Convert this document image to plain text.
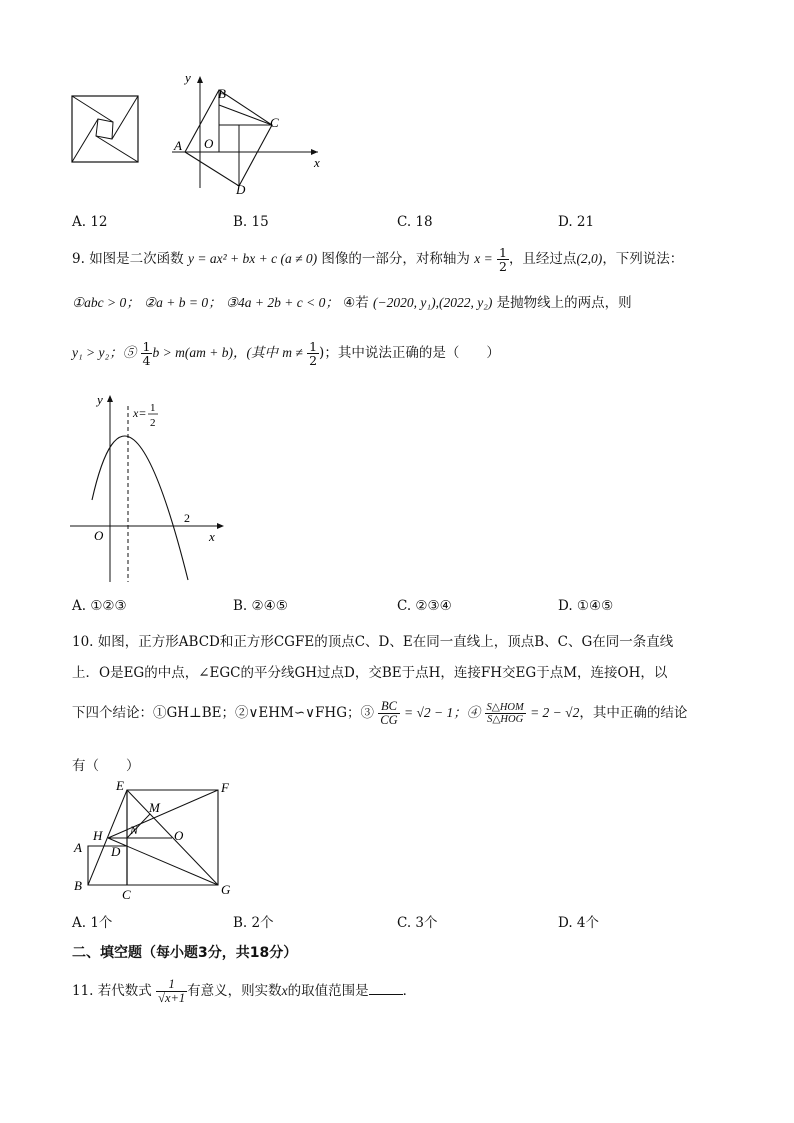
y
x
A
B
C
D
O
A. 12	B. 15	C. 18	D. 21
9. 如图是二次函数 y = ax² + bx + c (a ≠ 0) 图像的一部分，对称轴为 $x = \frac{1}{2}$ ，且经过点(2,0)，下列说法：
①abc > 0； ②a + b = 0； ③4a + 2b + c < 0； ④若 (−2020, y₁),(2022, y₂) 是抛物线上的两点，则
y₁ > y₂；⑤ $\frac{1}{4}$ b > m(am + b)，(其中 $m \ne \frac{1}{2}$ )；其中说法正确的是（　　）
y
x
O
2
x= 1
2
A. ①②③	B. ②④⑤	C. ②③④	D. ①④⑤
10. 如图，正方形ABCD和正方形CGFE的顶点C、D、E在同一直线上，顶点B、C、G在同一条直线
上．O是EG的中点，∠EGC的平分线GH过点D，交BE于点H，连接FH交EG于点M，连接OH，以
下四个结论：①GH⊥BE；②∨EHM∽∨FHG；③ $\frac{BC}{CG} = √2 - 1$；④ $\frac{\text{S△HOM}}{\text{S△HOG}} = 2 - √2$，其中正确的结论
有（　　）
E	F
M
H N	O
A D
B
C	G
A. 1个	B. 2个	C. 3个	D. 4个
二、填空题（每小题3分，共18分）
11. 若代数式 $\frac{1}{√x+1}$ 有意义，则实数x的取值范围是	．
